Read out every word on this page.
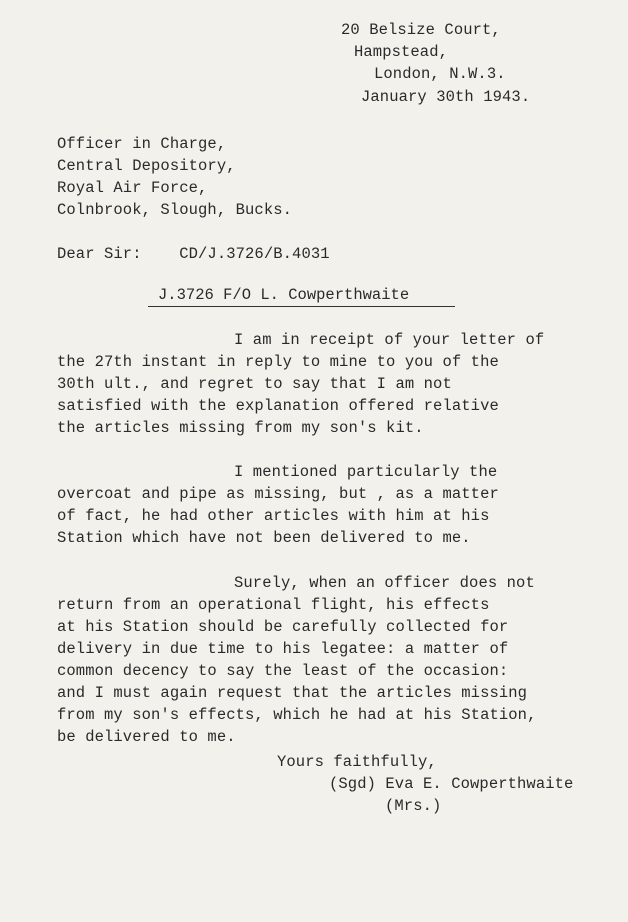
20 Belsize Court,
Hampstead,
London, N.W.3.
January 30th 1943.
Officer in Charge,
Central Depository,
Royal Air Force,
Colnbrook, Slough, Bucks.
Dear Sir:    CD/J.3726/B.4031
J.3726 F/O L. Cowperthwaite
I am in receipt of your letter of
the 27th instant in reply to mine to you of the
30th ult., and regret to say that I am not
satisfied with the explanation offered relative
the articles missing from my son's kit.
I mentioned particularly the
overcoat and pipe as missing, but , as a matter
of fact, he had other articles with him at his
Station which have not been delivered to me.
Surely, when an officer does not
return from an operational flight, his effects
at his Station should be carefully collected for
delivery in due time to his legatee: a matter of
common decency to say the least of the occasion:
and I must again request that the articles missing
from my son's effects, which he had at his Station,
be delivered to me.
Yours faithfully,
(Sgd) Eva E. Cowperthwaite
(Mrs.)
